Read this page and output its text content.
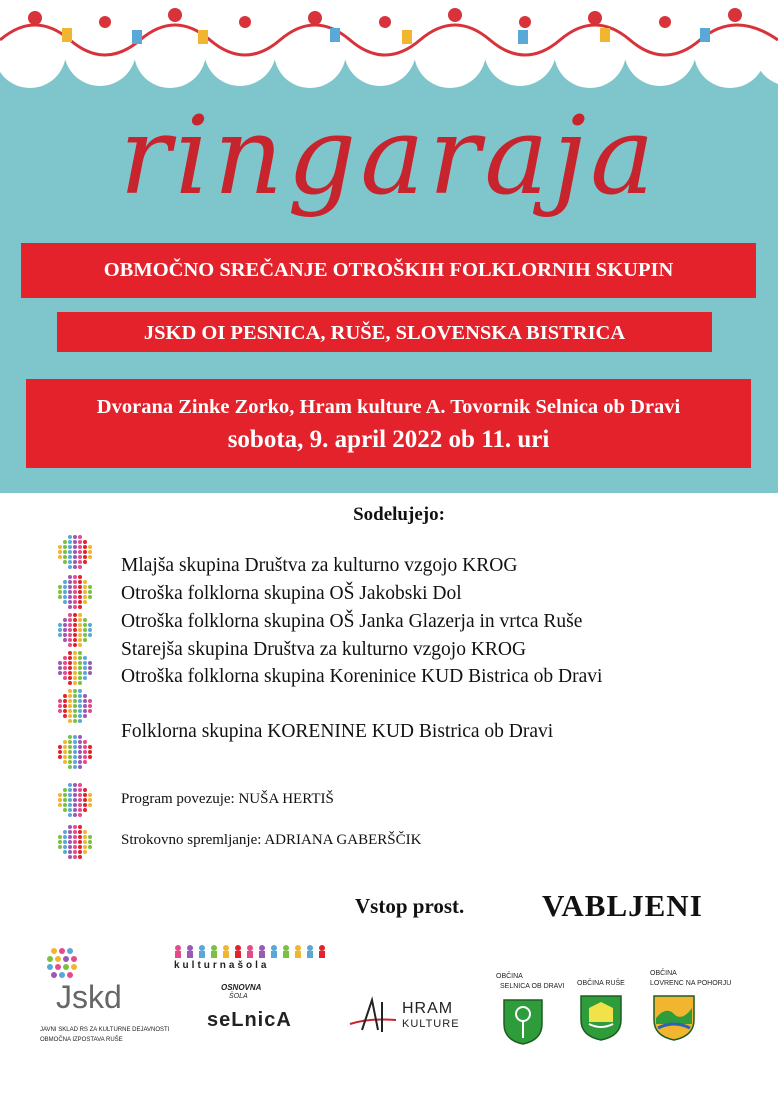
ringaraja
OBMOČNO SREČANJE OTROŠKIH FOLKLORNIH SKUPIN
JSKD OI PESNICA, RUŠE, SLOVENSKA BISTRICA
Dvorana Zinke Zorko, Hram kulture A. Tovornik Selnica ob Dravi
sobota, 9. april 2022 ob 11. uri
Sodelujejo:
Mlajša skupina Društva za kulturno vzgojo KROG
Otroška folklorna skupina OŠ Jakobski Dol
Otroška folklorna skupina OŠ Janka Glazerja in vrtca Ruše
Starejša skupina Društva za kulturno vzgojo KROG
Otroška folklorna skupina Koreninice KUD Bistrica ob Dravi
Folklorna skupina KORENINE KUD Bistrica ob Dravi
Program povezuje: NUŠA HERTIŠ
Strokovno spremljanje: ADRIANA GABERŠČIK
Vstop prost.	VABLJENI
Jskd
JAVNI SKLAD RS ZA KULTURNE DEJAVNOSTI
OBMOČNA IZPOSTAVA RUŠE
kulturnašola
OSNOVNA
ŠOLA
seLnicA
HRAM
KULTURE
OBČINA
SELNICA OB DRAVI OBČINA RUŠE
OBČINA
LOVRENC NA POHORJU
